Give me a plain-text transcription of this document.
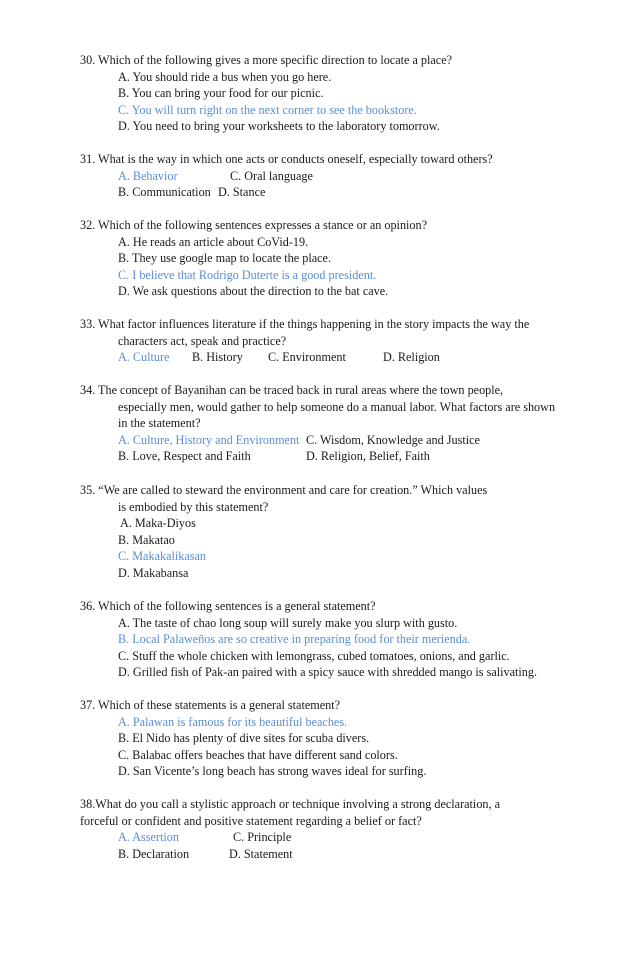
30. Which of the following gives a more specific direction to locate a place?
A. You should ride a bus when you go here.
B. You can bring your food for our picnic.
C. You will turn right on the next corner to see the bookstore.
D. You need to bring your worksheets to the laboratory tomorrow.
31. What is the way in which one acts or conducts oneself, especially toward others?
A. Behavior	C. Oral language
B. Communication D. Stance
32. Which of the following sentences expresses a stance or an opinion?
A. He reads an article about CoVid-19.
B. They use google map to locate the place.
C. I believe that Rodrigo Duterte is a good president.
D. We ask questions about the direction to the bat cave.
33. What factor influences literature if the things happening in the story impacts the way the
characters act, speak and practice?
A. Culture	B. History	C. Environment	D. Religion
34. The concept of Bayanihan can be traced back in rural areas where the town people,
especially men, would gather to help someone do a manual labor. What factors are shown
in the statement?
A. Culture, History and Environment C. Wisdom, Knowledge and Justice
B. Love, Respect and Faith	D. Religion, Belief, Faith
35. “We are called to steward the environment and care for creation.” Which values
is embodied by this statement?
A. Maka-Diyos
B. Makatao
C. Makakalikasan
D. Makabansa
36. Which of the following sentences is a general statement?
A. The taste of chao long soup will surely make you slurp with gusto.
B. Local Palaweños are so creative in preparing food for their merienda.
C. Stuff the whole chicken with lemongrass, cubed tomatoes, onions, and garlic.
D. Grilled fish of Pak-an paired with a spicy sauce with shredded mango is salivating.
37. Which of these statements is a general statement?
A. Palawan is famous for its beautiful beaches.
B. El Nido has plenty of dive sites for scuba divers.
C. Balabac offers beaches that have different sand colors.
D. San Vicente’s long beach has strong waves ideal for surfing.
38.What do you call a stylistic approach or technique involving a strong declaration, a
forceful or confident and positive statement regarding a belief or fact?
A. Assertion	C. Principle
B. Declaration	D. Statement
